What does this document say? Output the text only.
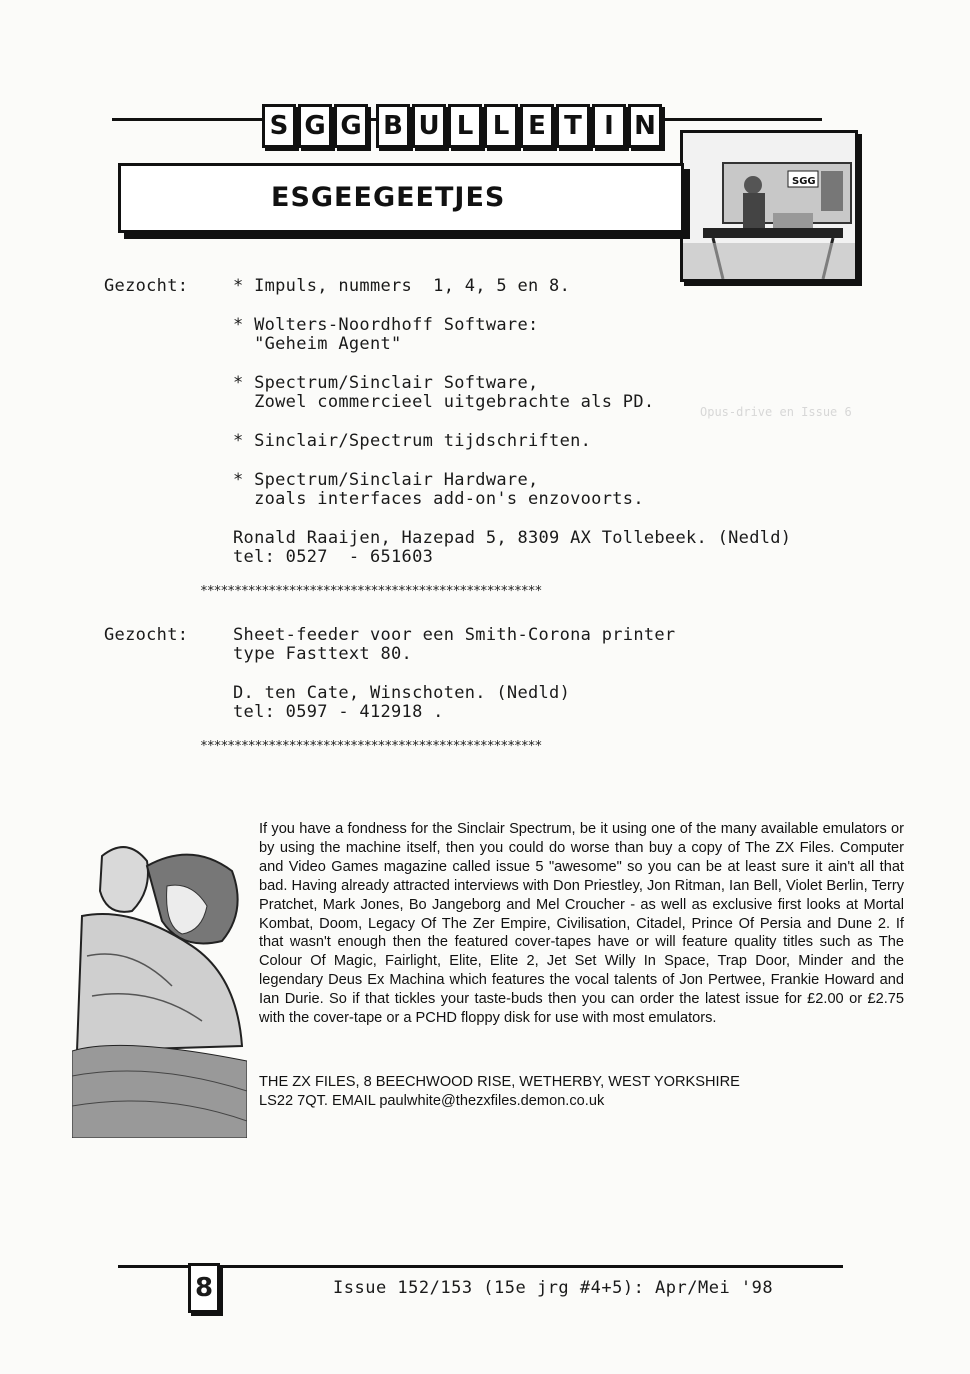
Opus-drive en Issue 6
S G G B U L L E T I N
SGG
ESGEEGEETJES
Gezocht:	* Impuls, nummers  1, 4, 5 en 8.
* Wolters-Noordhoff Software:
"Geheim Agent"
* Spectrum/Sinclair Software,
Zowel commercieel uitgebrachte als PD.
* Sinclair/Spectrum tijdschriften.
* Spectrum/Sinclair Hardware,
zoals interfaces add-on's enzovoorts.
Ronald Raaijen, Hazepad 5, 8309 AX Tollebeek. (Nedld)
tel: 0527  - 651603
**************************************************
Gezocht:	Sheet-feeder voor een Smith-Corona printer
type Fasttext 80.
D. ten Cate, Winschoten. (Nedld)
tel: 0597 - 412918 .
**************************************************
If you have a fondness for the Sinclair Spectrum, be it using one of the many available emulators or by using the machine itself, then you could do worse than buy a copy of The ZX Files. Computer and Video Games magazine called issue 5 "awesome" so you can be at least sure it ain't all that bad. Having already attracted interviews with Don Priestley, Jon Ritman, Ian Bell, Violet Berlin, Terry Pratchet, Mark Jones, Bo Jangeborg and Mel Croucher - as well as exclusive first looks at Mortal Kombat, Doom, Legacy Of The Zer Empire, Civilisation, Citadel, Prince Of Persia and Dune 2. If that wasn't enough then the featured cover-tapes have or will feature quality titles such as The Colour Of Magic, Fairlight, Elite, Elite 2, Jet Set Willy In Space, Trap Door, Minder and the legendary Deus Ex Machina which features the vocal talents of Jon Pertwee, Frankie Howard and Ian Durie. So if that tickles your taste-buds then you can order the latest issue for £2.00 or £2.75 with the cover-tape or a PCHD floppy disk for use with most emulators.
THE ZX FILES, 8 BEECHWOOD RISE, WETHERBY, WEST YORKSHIRE
LS22 7QT. EMAIL paulwhite@thezxfiles.demon.co.uk
8	Issue 152/153 (15e jrg #4+5): Apr/Mei '98
